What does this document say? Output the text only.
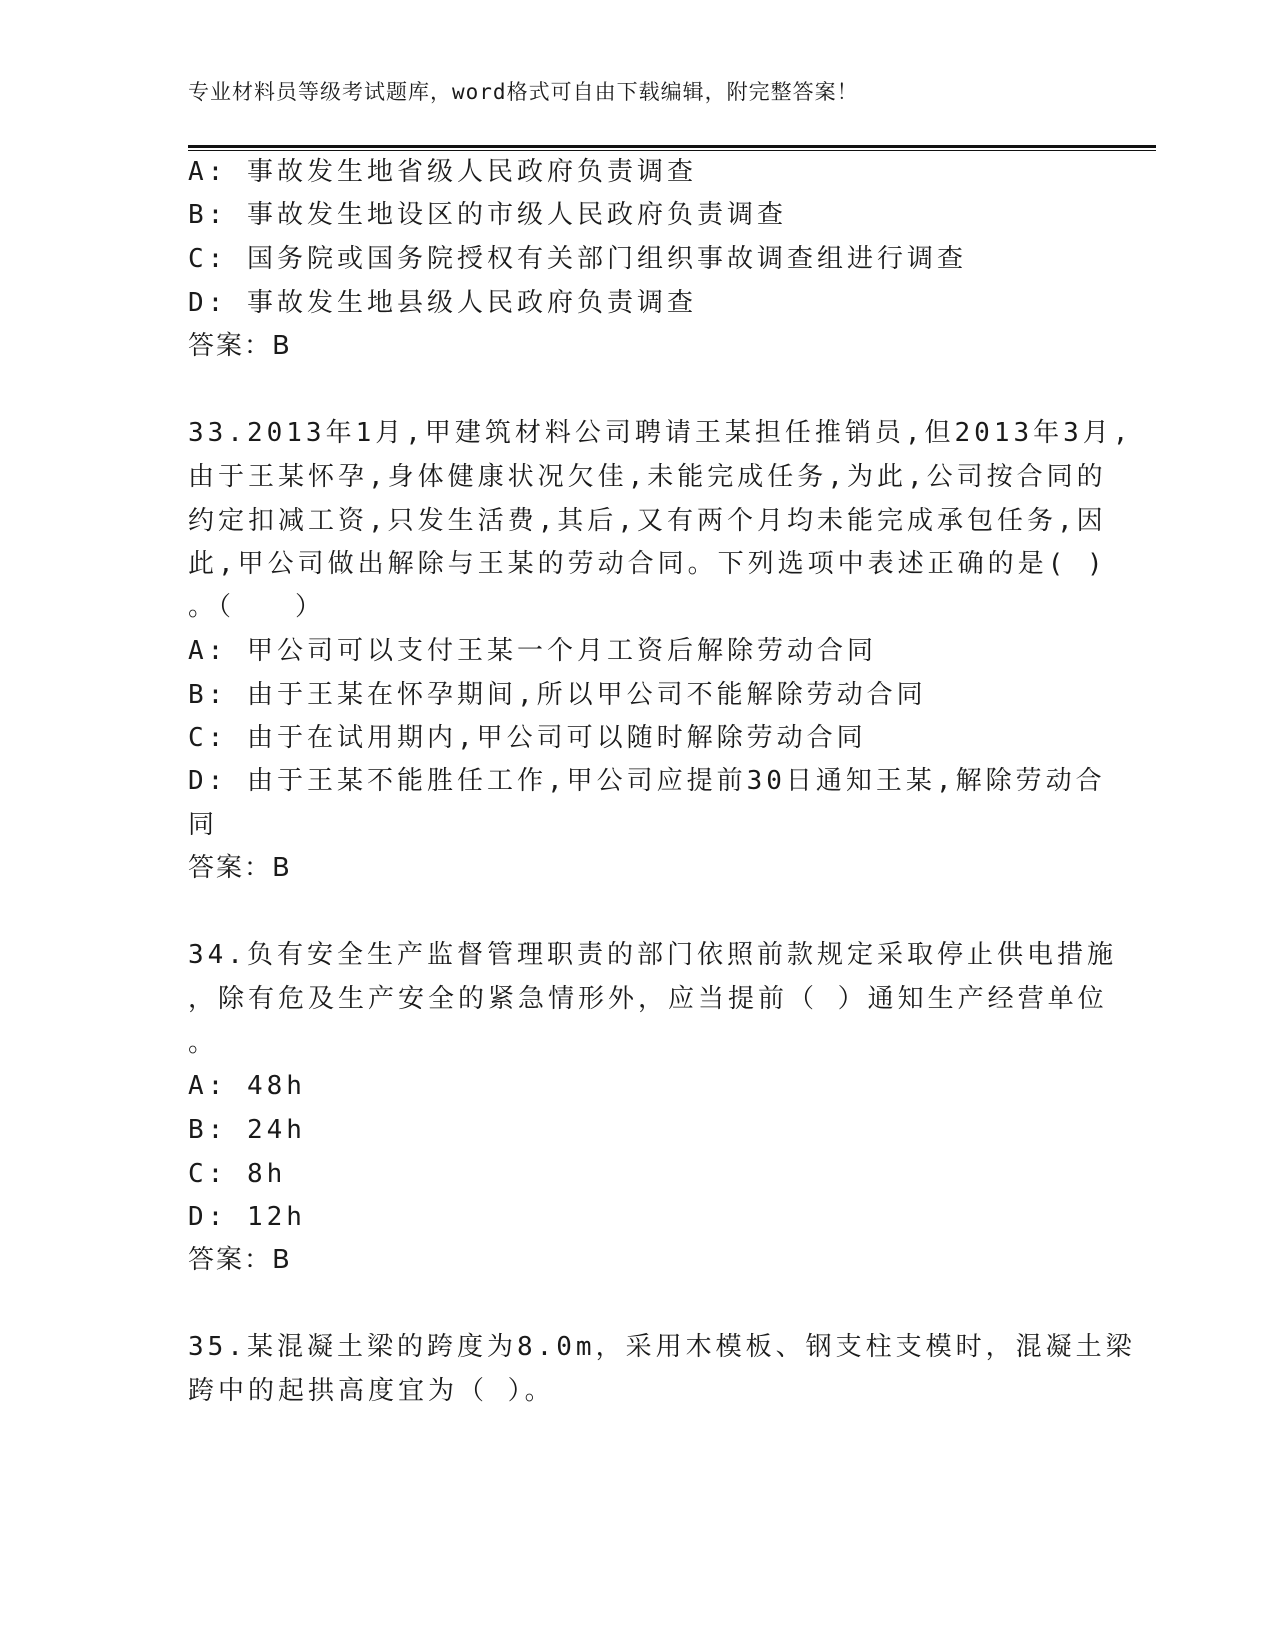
专业材料员等级考试题库，word格式可自由下载编辑，附完整答案！
A: 事故发生地省级人民政府负责调查
B: 事故发生地设区的市级人民政府负责调查
C: 国务院或国务院授权有关部门组织事故调查组进行调查
D: 事故发生地县级人民政府负责调查
答案：B
33.2013年1月,甲建筑材料公司聘请王某担任推销员,但2013年3月,
由于王某怀孕,身体健康状况欠佳,未能完成任务,为此,公司按合同的
约定扣减工资,只发生活费,其后,又有两个月均未能完成承包任务,因
此,甲公司做出解除与王某的劳动合同。下列选项中表述正确的是( )
。（　　）
A: 甲公司可以支付王某一个月工资后解除劳动合同
B: 由于王某在怀孕期间,所以甲公司不能解除劳动合同
C: 由于在试用期内,甲公司可以随时解除劳动合同
D: 由于王某不能胜任工作,甲公司应提前30日通知王某,解除劳动合
同
答案：B
34.负有安全生产监督管理职责的部门依照前款规定采取停止供电措施
，除有危及生产安全的紧急情形外，应当提前（ ）通知生产经营单位
。
A: 48h
B: 24h
C: 8h
D: 12h
答案：B
35.某混凝土梁的跨度为8.0m，采用木模板、钢支柱支模时，混凝土梁
跨中的起拱高度宜为（ ）。
